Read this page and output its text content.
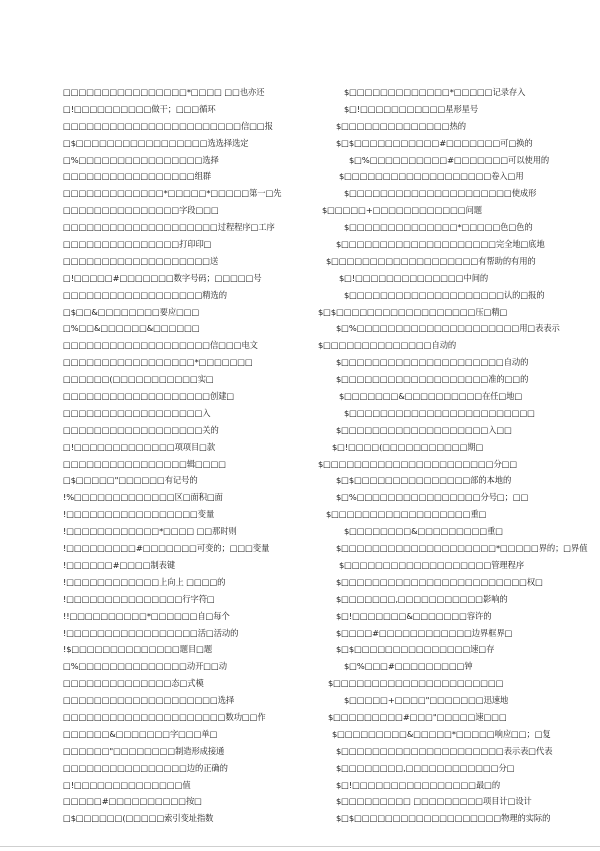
□□□□□□□□□□□□□□□□*□□□□ □□也亦还
□!□□□□□□□□□□做干；□□□循环
□□□□□□□□□□□□□□□□□□□□□□□信□□报
□$□□□□□□□□□□□□□□□□□选选择选定
□%□□□□□□□□□□□□□□□□选择
□□□□□□□□□□□□□□□□□组群
□□□□□□□□□□□□□*□□□□□*□□□□□第一□先
□□□□□□□□□□□□□□□字段□□□
□□□□□□□□□□□□□□□□□□□□过程程序□工序
□□□□□□□□□□□□□□□打印印□
□□□□□□□□□□□□□□□□□□□送
□!□□□□□#□□□□□□□数字号码；□□□□□号
□□□□□□□□□□□□□□□□□□精选的
□$□□&□□□□□□□□要应□□□
□%□□&□□□□□□&□□□□□□
□□□□□□□□□□□□□□□□□□□信□□□电文
□□□□□□□□□□□□□□□□□*□□□□□□□
□□□□□□(□□□□□□□□□□□实□
□□□□□□□□□□□□□□□□□□□创建□
□□□□□□□□□□□□□□□□□□入
□□□□□□□□□□□□□□□□□□关的
□!□□□□□□□□□□□□□项项目□款
□□□□□□□□□□□□□□□□辑□□□□
□$□□□□□"□□□□□□有记号的
!%□□□□□□□□□□□□□区□面积□面
!□□□□□□□□□□□□□□□□□变量
!□□□□□□□□□□□□*□□□□ □□那时则
!□□□□□□□□□#□□□□□□□可变的；□□□变量
!□□□□□□#□□□□制表键
!□□□□□□□□□□□□上向上 □□□□的
!□□□□□□□□□□□□□□□行字符□
!!□□□□□□□□□□*□□□□□□自□每个
!□□□□□□□□□□□□□□□□□活□活动的
!$□□□□□□□□□□□□□□题目□题
□%□□□□□□□□□□□□□□动开□□动
□□□□□□□□□□□□□□态□式模
□□□□□□□□□□□□□□□□□□□□选择
□□□□□□□□□□□□□□□□□□□□□数功□□作
□□□□□□&□□□□□□□字□□□单□
□□□□□□"□□□□□□□□制造形成接通
□□□□□□□□□□□□□□□□边的正确的
□!□□□□□□□□□□□□□□值
□□□□□#□□□□□□□□□□按□
□$□□□□□□(□□□□□索引变址指数
$□□□□□□□□□□□□□*□□□□□记录存入
$□!□□□□□□□□□□□星形星号
$□□□□□□□□□□□□□□热的
$□$□□□□□□□□□□□#□□□□□□□可□换的
$□%□□□□□□□□□□#□□□□□□□可以使用的
$□□□□□□□□□□□□□□□□□□□卷入□用
$□□□□□□□□□□□□□□□□□□□□□使成形
$□□□□□+□□□□□□□□□□□□问题
$□□□□□□□□□□□□□□*□□□□□色□色的
$□□□□□□□□□□□□□□□□□□□□完全地□底地
$□□□□□□□□□□□□□□□□□□□有帮助的有用的
$□!□□□□□□□□□□□□□□中间的
$□□□□□□□□□□□□□□□□□□□□认的□报的
$□$□□□□□□□□□□□□□□□□□□压□精□
$□%□□□□□□□□□□□□□□□□□□□□□用□表表示
$□□□□□□□□□□□□□□自动的
$□□□□□□□□□□□□□□□□□□□□□自动的
$□□□□□□□□□□□□□□□□□□□准的□□的
$□□□□□□□&□□□□□□□□□□在任□地□
$□□□□□□□□□□□□□□□□□□□□□□□□
$□□□□□□□□□□□□□□□□□□□入□□
$□!□□□□(□□□□□□□□□□□期□
$□□□□□□□□□□□□□□□□□□□□□□分□□
$□$□□□□□□□□□□□□□□□部的本地的
$□%□□□□□□□□□□□□□□□□分号□；□□
$□□□□□□□□□□□□□□□□□□重□
$□□□□□□□□&□□□□□□□□□重□
$□□□□□□□□□□□□□□□□□□□□*□□□□□界的；□界值
$□□□□□□□□□□□□□□□□□□□管理程序
$□□□□□□□□□□□□□□□□□□□□□□□□权□
$□□□□□□□,□□□□□□□□□□□影响的
$□!□□□□□□□&□□□□□□□容许的
$□□□□#□□□□□□□□□□□□边界框界□
$□$□□□□□□□□□□□□□□□速□存
$□%□□□#□□□□□□□□□钟
$□□□□□□□□□□□□□□□□□□□□□□
$□□□□□+□□□□"□□□□□□□迅速地
$□□□□□□□□□#□□□"□□□□□速□□□
$□□□□□□□□□&□□□□□*□□□□□响应□□；□复
$□□□□□□□□□□□□□□□□□□□□□表示表□代表
$□□□□□□□□,□□□□□□□□□□□□分□
$□!□□□□□□□□□□□□□□□□最□的
$□□□□□□□□□ □□□□□□□□□项目计□设计
$□$□□□□□□□□□□□□□□□□□□□物理的实际的
